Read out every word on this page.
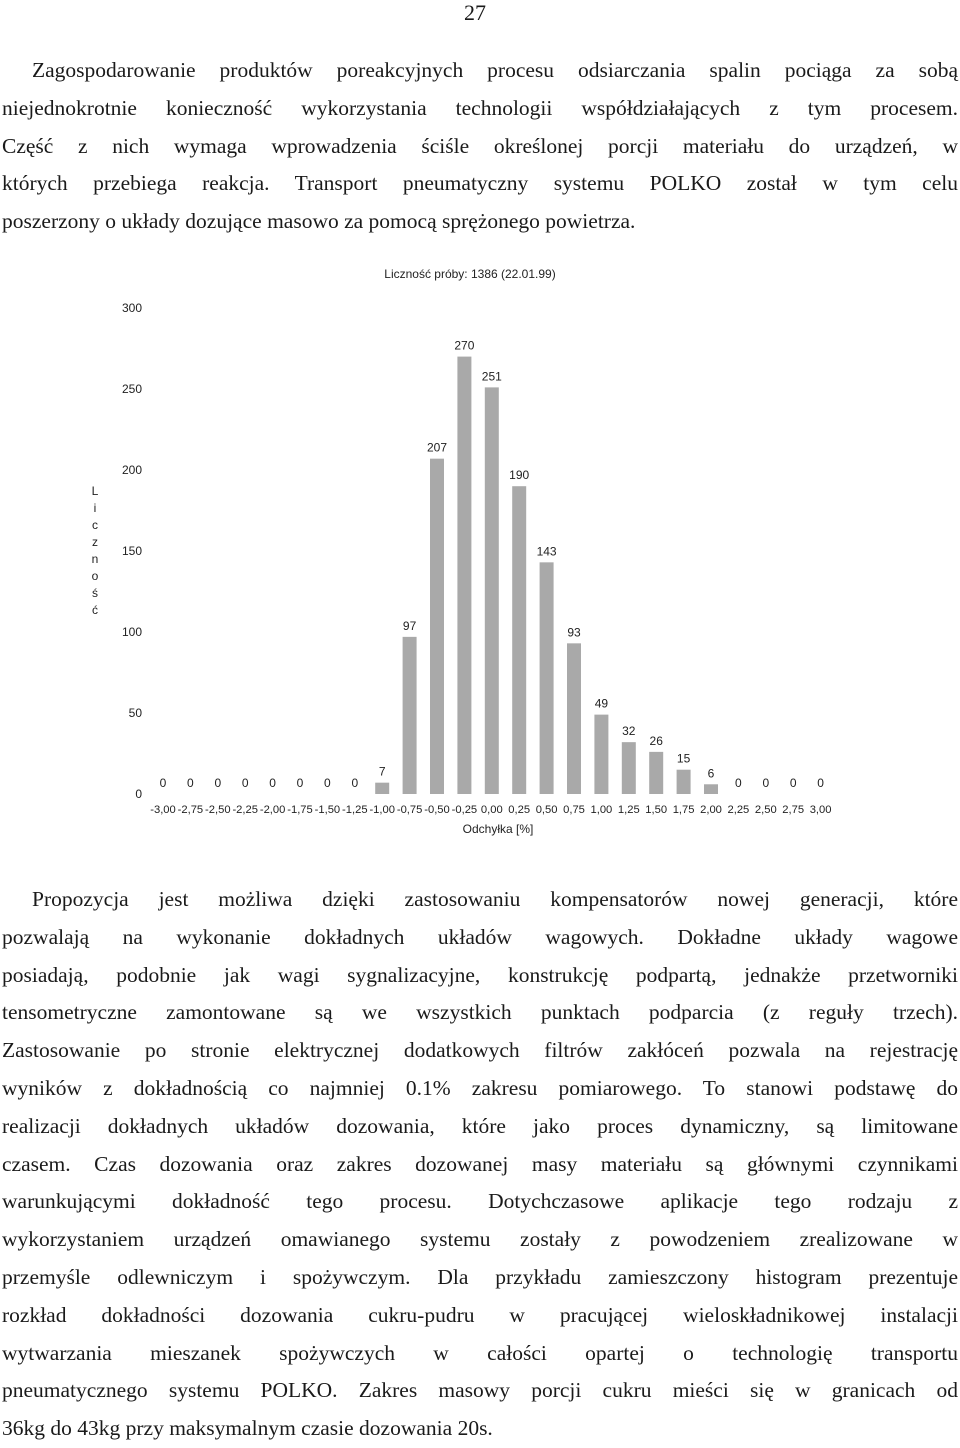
27
Zagospodarowanie produktów poreakcyjnych procesu odsiarczania spalin pociąga za sobą
niejednokrotnie konieczność wykorzystania technologii współdziałających z tym procesem.
Część z nich wymaga wprowadzenia ściśle określonej porcji materiału do urządzeń, w
których przebiega reakcja. Transport pneumatyczny systemu POLKO został w tym celu
poszerzony o układy dozujące masowo za pomocą sprężonego powietrza.
Liczność próby: 1386 (22.01.99)
L
i
c
z
n
o
ś
ć
0
50
100
150
200
250
300
0 0 0 0 0 0 0 0
7
97
207
270
251
190
143
93
49
32
26
15
6
0 0 0 0
-3,00 -2,75 -2,50 -2,25 -2,00 -1,75 -1,50 -1,25 -1,00 -0,75 -0,50 -0,25 0,00 0,25 0,50 0,75 1,00 1,25 1,50 1,75 2,00 2,25 2,50 2,75 3,00
Odchyłka [%]
Propozycja jest możliwa dzięki zastosowaniu kompensatorów nowej generacji, które
pozwalają na wykonanie dokładnych układów wagowych. Dokładne układy wagowe
posiadają, podobnie jak wagi sygnalizacyjne, konstrukcję podpartą, jednakże przetworniki
tensometryczne zamontowane są we wszystkich punktach podparcia (z reguły trzech).
Zastosowanie po stronie elektrycznej dodatkowych filtrów zakłóceń pozwala na rejestrację
wyników z dokładnością co najmniej 0.1% zakresu pomiarowego. To stanowi podstawę do
realizacji dokładnych układów dozowania, które jako proces dynamiczny, są limitowane
czasem. Czas dozowania oraz zakres dozowanej masy materiału są głównymi czynnikami
warunkującymi dokładność tego procesu. Dotychczasowe aplikacje tego rodzaju z
wykorzystaniem urządzeń omawianego systemu zostały z powodzeniem zrealizowane w
przemyśle odlewniczym i spożywczym. Dla przykładu zamieszczony histogram prezentuje
rozkład dokładności dozowania cukru-pudru w pracującej wieloskładnikowej instalacji
wytwarzania mieszanek spożywczych w całości opartej o technologię transportu
pneumatycznego systemu POLKO. Zakres masowy porcji cukru mieści się w granicach od
36kg do 43kg przy maksymalnym czasie dozowania 20s.
